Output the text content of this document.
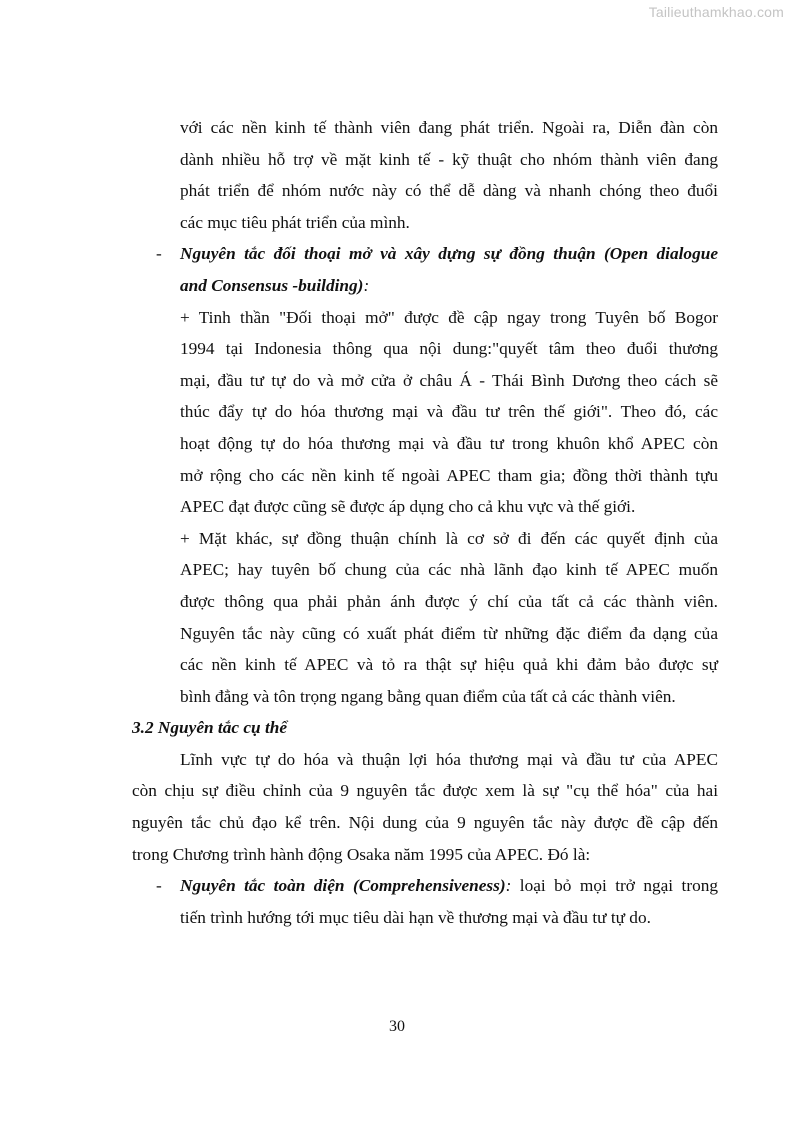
Tailieuthamkhao.com
với các nền kinh tế thành viên đang phát triển. Ngoài ra, Diễn đàn còn
dành nhiều hỗ trợ về mặt kinh tế - kỹ thuật cho nhóm thành viên đang
phát triển để nhóm nước này có thể dễ dàng và nhanh chóng theo đuổi
các mục tiêu phát triển của mình.
- Nguyên tắc đối thoại mở và xây dựng sự đồng thuận (Open dialogue
and Consensus -building):
+ Tinh thần "Đối thoại mở" được đề cập ngay trong Tuyên bố Bogor
1994 tại Indonesia thông qua nội dung:"quyết tâm theo đuổi thương
mại, đầu tư tự do và mở cửa ở châu Á - Thái Bình Dương theo cách sẽ
thúc đẩy tự do hóa thương mại và đầu tư trên thế giới". Theo đó, các
hoạt động tự do hóa thương mại và đầu tư trong khuôn khổ APEC còn
mở rộng cho các nền kinh tế ngoài APEC tham gia; đồng thời thành tựu
APEC đạt được cũng sẽ được áp dụng cho cả khu vực và thế giới.
+ Mặt khác, sự đồng thuận chính là cơ sở đi đến các quyết định của
APEC; hay tuyên bố chung của các nhà lãnh đạo kinh tế APEC muốn
được thông qua phải phản ánh được ý chí của tất cả các thành viên.
Nguyên tắc này cũng có xuất phát điểm từ những đặc điểm đa dạng của
các nền kinh tế APEC và tỏ ra thật sự hiệu quả khi đảm bảo được sự
bình đẳng và tôn trọng ngang bằng quan điểm của tất cả các thành viên.
3.2 Nguyên tắc cụ thể
Lĩnh vực tự do hóa và thuận lợi hóa thương mại và đầu tư của APEC
còn chịu sự điều chỉnh của 9 nguyên tắc được xem là sự "cụ thể hóa" của hai
nguyên tắc chủ đạo kể trên. Nội dung của 9 nguyên tắc này được đề cập đến
trong Chương trình hành động Osaka năm 1995 của APEC. Đó là:
- Nguyên tắc toàn diện (Comprehensiveness): loại bỏ mọi trở ngại trong
tiến trình hướng tới mục tiêu dài hạn về thương mại và đầu tư tự do.
30
